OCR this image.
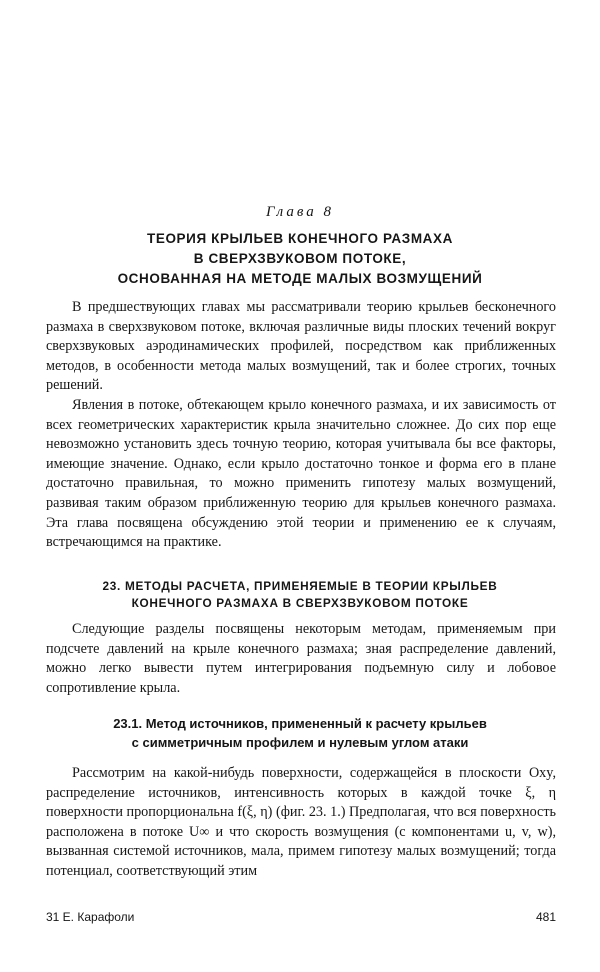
Глава 8
ТЕОРИЯ КРЫЛЬЕВ КОНЕЧНОГО РАЗМАХА
В СВЕРХЗВУКОВОМ ПОТОКЕ,
ОСНОВАННАЯ НА МЕТОДЕ МАЛЫХ ВОЗМУЩЕНИЙ

В предшествующих главах мы рассматривали теорию крыльев бесконечного размаха в сверхзвуковом потоке, включая различные виды плоских течений вокруг сверхзвуковых аэродинамических профилей, посредством как приближенных методов, в особенности метода малых возмущений, так и более строгих, точных решений.

Явления в потоке, обтекающем крыло конечного размаха, и их зависимость от всех геометрических характеристик крыла значительно сложнее. До сих пор еще невозможно установить здесь точную теорию, которая учитывала бы все факторы, имеющие значение. Однако, если крыло достаточно тонкое и форма его в плане достаточно правильная, то можно применить гипотезу малых возмущений, развивая таким образом приближенную теорию для крыльев конечного размаха. Эта глава посвящена обсуждению этой теории и применению ее к случаям, встречающимся на практике.

23. МЕТОДЫ РАСЧЕТА, ПРИМЕНЯЕМЫЕ В ТЕОРИИ КРЫЛЬЕВ
КОНЕЧНОГО РАЗМАХА В СВЕРХЗВУКОВОМ ПОТОКЕ

Следующие разделы посвящены некоторым методам, применяемым при подсчете давлений на крыле конечного размаха; зная распределение давлений, можно легко вывести путем интегрирования подъемную силу и лобовое сопротивление крыла.

23.1. Метод источников, примененный к расчету крыльев
с симметричным профилем и нулевым углом атаки

Рассмотрим на какой-нибудь поверхности, содержащейся в плоскости Oxy, распределение источников, интенсивность которых в каждой точке ξ, η поверхности пропорциональна f(ξ, η) (фиг. 23. 1.) Предполагая, что вся поверхность расположена в потоке U∞ и что скорость возмущения (с компонентами u, v, w), вызванная системой источников, мала, примем гипотезу малых возмущений; тогда потенциал, соответствующий этим

31 Е. Карафоли	481
